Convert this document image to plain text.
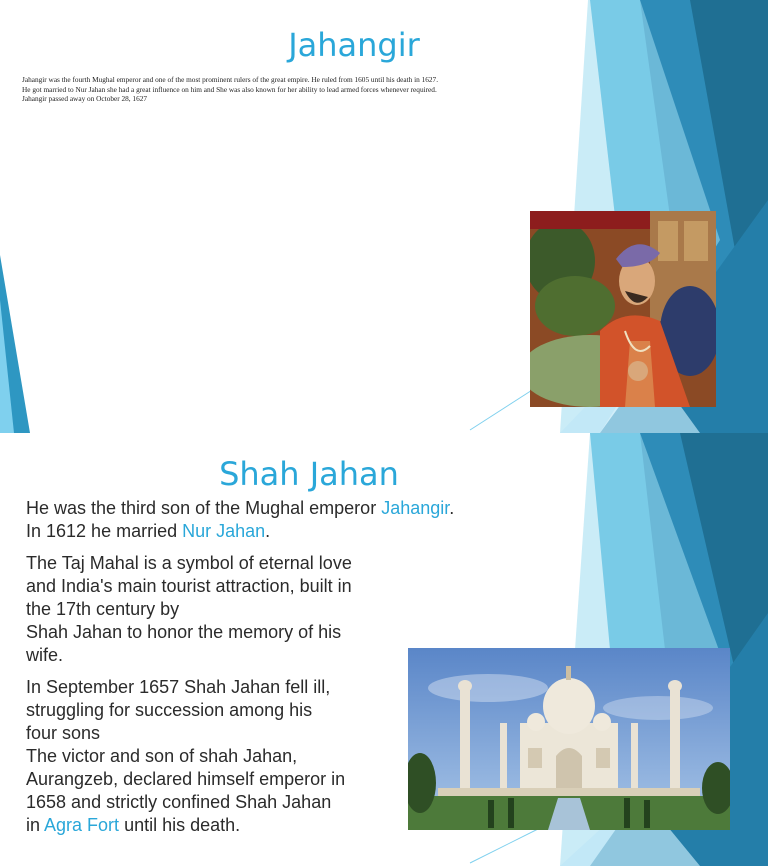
Jahangir

Jahangir was the fourth Mughal emperor and one of the most prominent rulers of the great empire. He ruled from 1605 until his death in 1627.

He got married to Nur Jahan she had a great influence on him and She was also known for her ability to lead armed forces whenever required.

Jahangir passed away on October 28, 1627

Shah Jahan

He was the third son of the Mughal emperor Jahangir.

In 1612 he married Nur Jahan.

The Taj Mahal is a symbol of eternal love

and India's main tourist attraction, built in

the 17th century by

Shah Jahan to honor the memory of his

wife.

In September 1657 Shah Jahan fell ill,

struggling for succession among his

four sons

The victor and son of shah Jahan,

Aurangzeb, declared himself emperor in

1658 and strictly confined Shah Jahan

in Agra Fort until his death.
